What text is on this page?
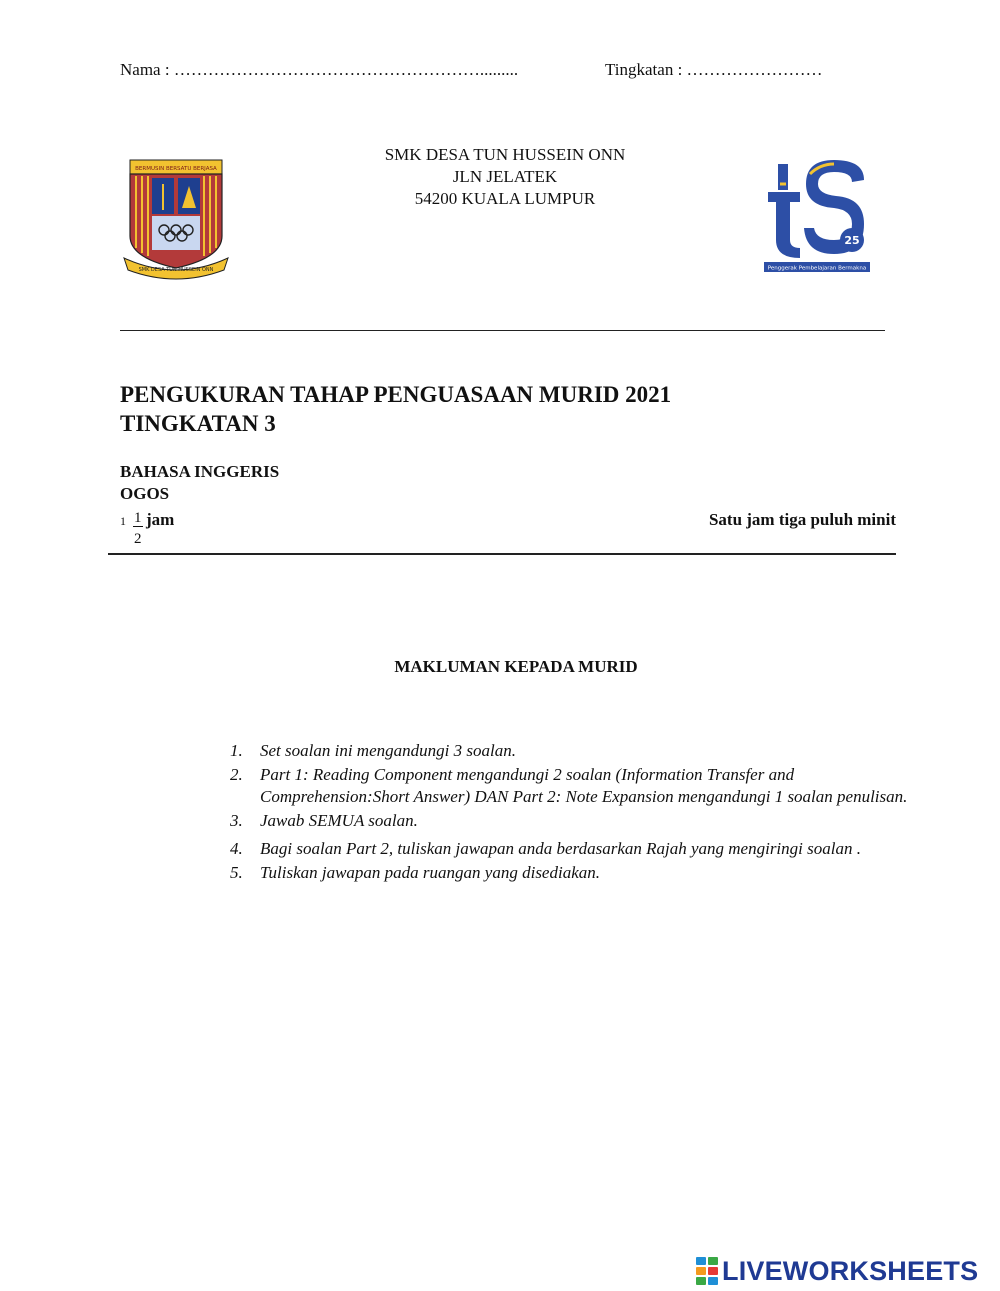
Nama : ……………………………………………….........	Tingkatan : ……………………
BERMUSIN BERSATU BERJASA
SMK DESA TUN HUSSEIN ONN
SMK DESA TUN HUSSEIN ONN
JLN JELATEK
54200 KUALA LUMPUR
25
Penggerak Pembelajaran Bermakna
PENGUKURAN TAHAP PENGUASAAN MURID 2021
TINGKATAN 3
BAHASA INGGERIS
OGOS
1 1
2
jam	Satu jam tiga puluh minit
MAKLUMAN KEPADA MURID
1. Set soalan ini mengandungi 3 soalan.
2. Part 1: Reading Component mengandungi 2 soalan (Information Transfer and Comprehension:Short Answer) DAN Part 2: Note Expansion mengandungi 1 soalan penulisan.
3. Jawab SEMUA soalan.
4. Bagi soalan Part 2, tuliskan jawapan anda berdasarkan Rajah yang mengiringi soalan .
5. Tuliskan jawapan pada ruangan yang disediakan.
LIVEWORKSHEETS
